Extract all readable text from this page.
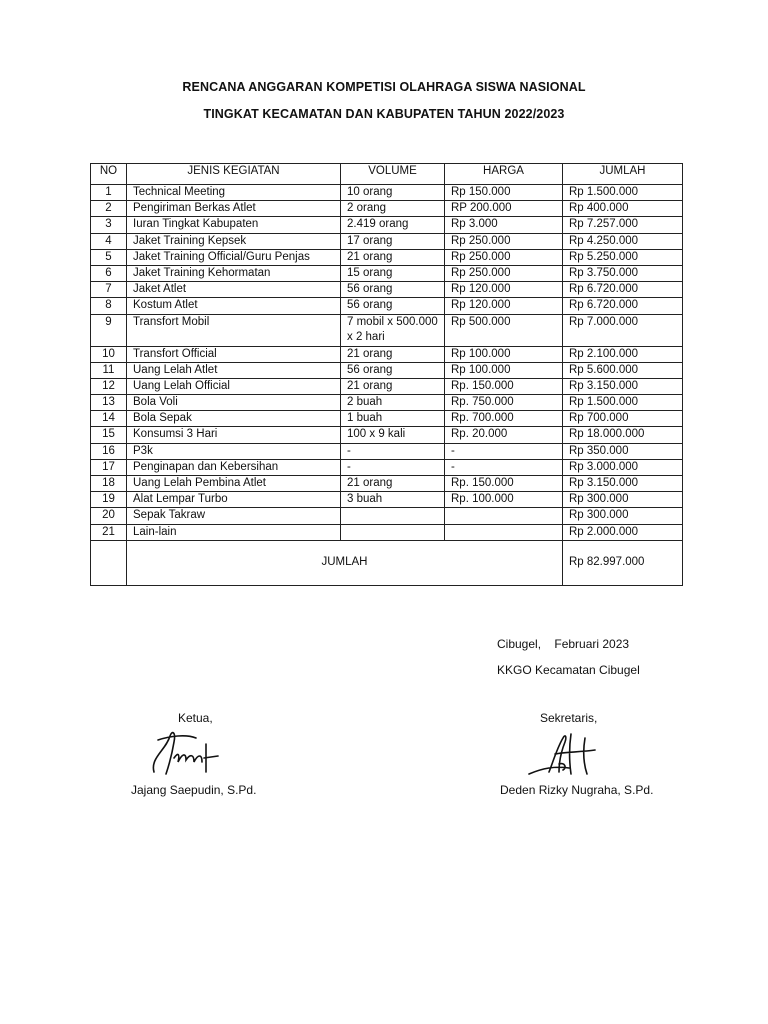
RENCANA ANGGARAN KOMPETISI OLAHRAGA SISWA NASIONAL
TINGKAT KECAMATAN DAN KABUPATEN TAHUN 2022/2023
NO	JENIS KEGIATAN	VOLUME	HARGA	JUMLAH
1	Technical Meeting	10 orang	Rp 150.000	Rp 1.500.000
2	Pengiriman Berkas Atlet	2 orang	RP 200.000	Rp 400.000
3	Iuran Tingkat Kabupaten	2.419 orang	Rp 3.000	Rp 7.257.000
4	Jaket Training Kepsek	17 orang	Rp 250.000	Rp 4.250.000
5	Jaket Training Official/Guru Penjas	21 orang	Rp 250.000	Rp 5.250.000
6	Jaket Training Kehormatan	15 orang	Rp 250.000	Rp 3.750.000
7	Jaket Atlet	56 orang	Rp 120.000	Rp 6.720.000
8	Kostum Atlet	56 orang	Rp 120.000	Rp 6.720.000
9	Transfort Mobil	7 mobil x 500.000 x 2 hari	Rp 500.000	Rp 7.000.000
10	Transfort Official	21 orang	Rp 100.000	Rp 2.100.000
11	Uang Lelah Atlet	56 orang	Rp 100.000	Rp 5.600.000
12	Uang Lelah Official	21 orang	Rp. 150.000	Rp 3.150.000
13	Bola Voli	2 buah	Rp. 750.000	Rp 1.500.000
14	Bola Sepak	1 buah	Rp. 700.000	Rp 700.000
15	Konsumsi 3 Hari	100 x 9 kali	Rp. 20.000	Rp 18.000.000
16	P3k	-	-	Rp 350.000
17	Penginapan dan Kebersihan	-	-	Rp 3.000.000
18	Uang Lelah Pembina Atlet	21 orang	Rp. 150.000	Rp 3.150.000
19	Alat Lempar Turbo	3 buah	Rp. 100.000	Rp 300.000
20	Sepak Takraw			Rp 300.000
21	Lain-lain			Rp 2.000.000
	JUMLAH			Rp 82.997.000
Cibugel,    Februari 2023
KKGO Kecamatan Cibugel
Ketua,	Sekretaris,
Jajang Saepudin, S.Pd.	Deden Rizky Nugraha, S.Pd.
